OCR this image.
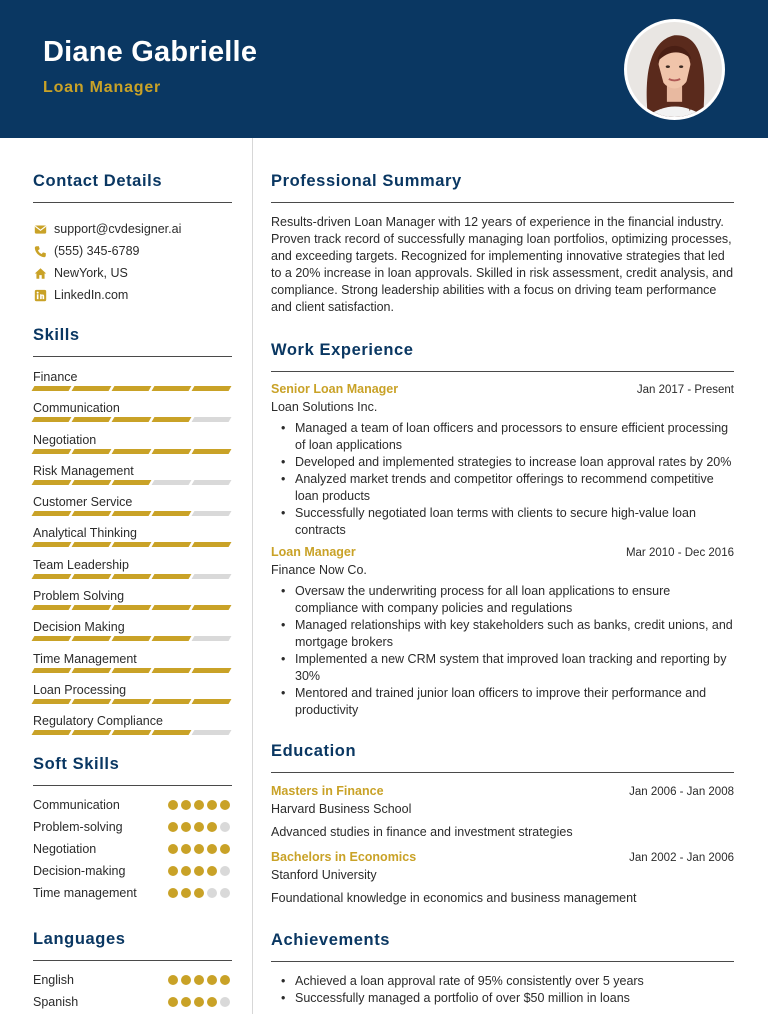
Diane Gabrielle
Loan Manager
Contact Details
support@cvdesigner.ai
(555) 345-6789
NewYork, US
LinkedIn.com
Skills
Finance
Communication
Negotiation
Risk Management
Customer Service
Analytical Thinking
Team Leadership
Problem Solving
Decision Making
Time Management
Loan Processing
Regulatory Compliance
Soft Skills
Communication
Problem-solving
Negotiation
Decision-making
Time management
Languages
English
Spanish
Professional Summary
Results-driven Loan Manager with 12 years of experience in the financial industry. Proven track record of successfully managing loan portfolios, optimizing processes, and exceeding targets. Recognized for implementing innovative strategies that led to a 20% increase in loan approvals. Skilled in risk assessment, credit analysis, and compliance. Strong leadership abilities with a focus on driving team performance and client satisfaction.
Work Experience
Senior Loan Manager	Jan 2017 - Present
Loan Solutions Inc.
• Managed a team of loan officers and processors to ensure efficient processing of loan applications
• Developed and implemented strategies to increase loan approval rates by 20%
• Analyzed market trends and competitor offerings to recommend competitive loan products
• Successfully negotiated loan terms with clients to secure high-value loan contracts
Loan Manager	Mar 2010 - Dec 2016
Finance Now Co.
• Oversaw the underwriting process for all loan applications to ensure compliance with company policies and regulations
• Managed relationships with key stakeholders such as banks, credit unions, and mortgage brokers
• Implemented a new CRM system that improved loan tracking and reporting by 30%
• Mentored and trained junior loan officers to improve their performance and productivity
Education
Masters in Finance	Jan 2006 - Jan 2008
Harvard Business School
Advanced studies in finance and investment strategies
Bachelors in Economics	Jan 2002 - Jan 2006
Stanford University
Foundational knowledge in economics and business management
Achievements
• Achieved a loan approval rate of 95% consistently over 5 years
• Successfully managed a portfolio of over $50 million in loans
